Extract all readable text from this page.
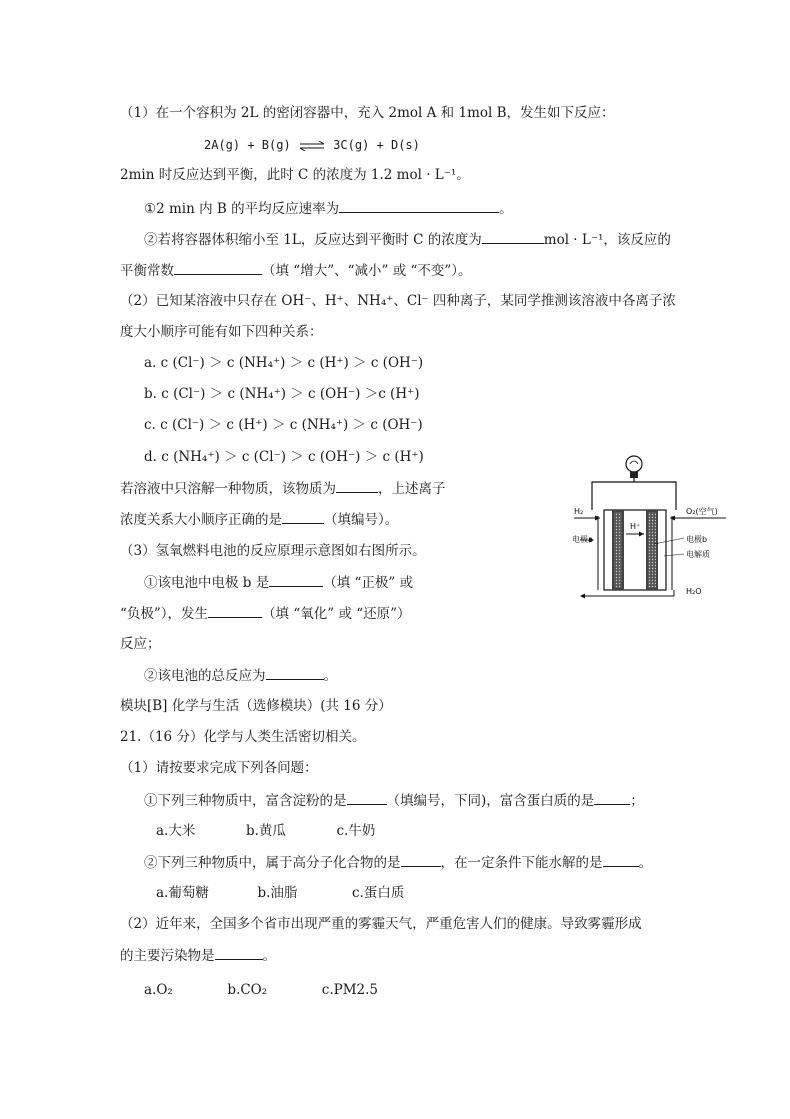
（1）在一个容积为 2L 的密闭容器中，充入 2mol A 和 1mol B，发生如下反应：
2A(g) + B(g) ⇌ 3C(g) + D(s)
2min 时反应达到平衡，此时 C 的浓度为 1.2 mol · L⁻¹。
①2 min 内 B 的平均反应速率为	。
②若将容器体积缩小至 1L，反应达到平衡时 C 的浓度为	mol · L⁻¹，该反应的
平衡常数	（填 “增大”、“减小” 或 “不变”）。
（2）已知某溶液中只存在 OH⁻、H⁺、NH₄⁺、Cl⁻ 四种离子，某同学推测该溶液中各离子浓
度大小顺序可能有如下四种关系：
a. c (Cl⁻) ＞ c (NH₄⁺) ＞ c (H⁺) ＞ c (OH⁻)
b. c (Cl⁻) ＞ c (NH₄⁺) ＞ c (OH⁻) ＞c (H⁺)
c. c (Cl⁻) ＞ c (H⁺) ＞ c (NH₄⁺) ＞ c (OH⁻)
d. c (NH₄⁺) ＞ c (Cl⁻) ＞ c (OH⁻) ＞ c (H⁺)
若溶液中只溶解一种物质，该物质为	，上述离子
浓度关系大小顺序正确的是	（填编号）。
（3）氢氧燃料电池的反应原理示意图如右图所示。
①该电池中电极 b 是	（填 “正极” 或
“负极”），发生	（填 “氧化” 或 “还原”）
反应；
②该电池的总反应为	。
H₂	O₂(空气)
电极a
H⁺
电极b
电解质
H₂O
模块[B] 化学与生活（选修模块）(共 16 分）
21.（16 分）化学与人类生活密切相关。
（1）请按要求完成下列各问题：
①下列三种物质中，富含淀粉的是	（填编号，下同)，富含蛋白质的是	；
a.大米	b.黄瓜	c.牛奶
②下列三种物质中，属于高分子化合物的是	，在一定条件下能水解的是	。
a.葡萄糖	b.油脂	c.蛋白质
（2）近年来，全国多个省市出现严重的雾霾天气，严重危害人们的健康。导致雾霾形成
的主要污染物是	。
a.O₂	b.CO₂	c.PM2.5
